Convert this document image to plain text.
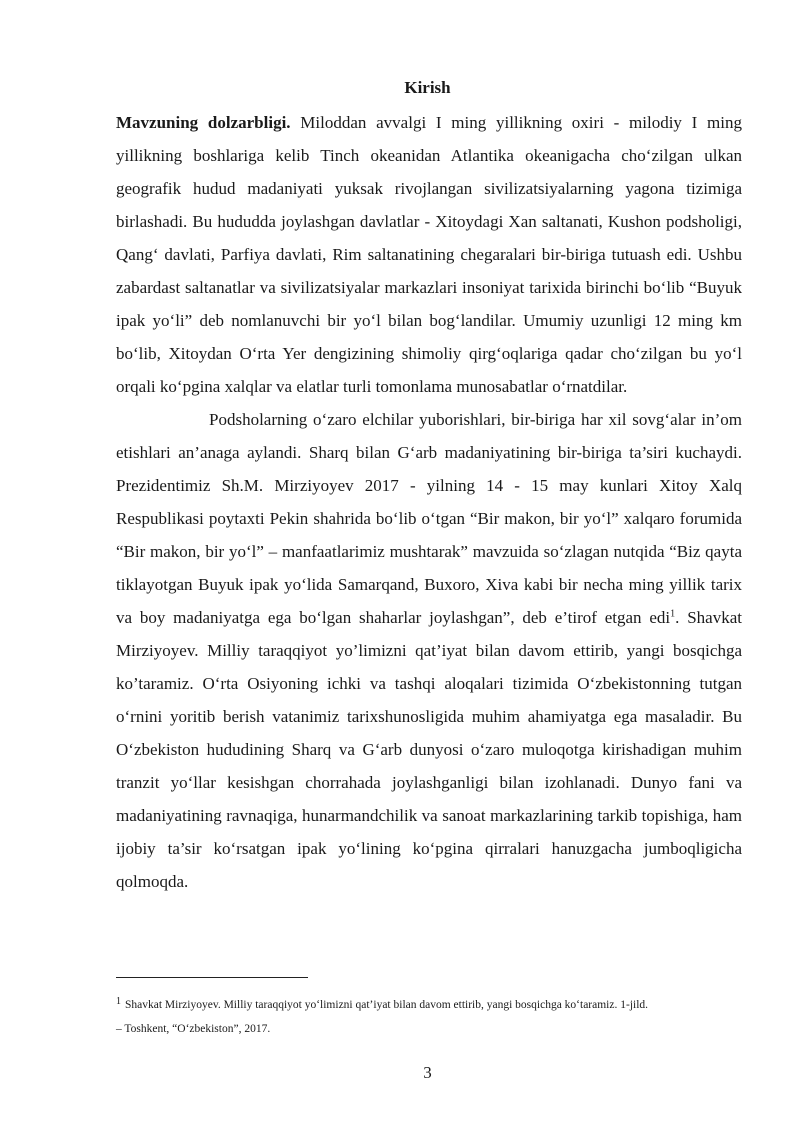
Kirish

Mavzuning dolzarbligi. Miloddan avvalgi I ming yillikning oxiri - milodiy I ming yillikning boshlariga kelib Tinch okeanidan Atlantika okeanigacha cho‘zilgan ulkan geografik hudud madaniyati yuksak rivojlangan sivilizatsiyalarning yagona tizimiga birlashadi. Bu hududda joylashgan davlatlar - Xitoydagi Xan saltanati, Kushon podsholigi, Qang‘ davlati, Parfiya davlati, Rim saltanatining chegaralari bir-biriga tutuash edi. Ushbu zabardast saltanatlar va sivilizatsiyalar markazlari insoniyat tarixida birinchi bo‘lib “Buyuk ipak yo‘li” deb nomlanuvchi bir yo‘l bilan bog‘landilar. Umumiy uzunligi 12 ming km bo‘lib, Xitoydan O‘rta Yer dengizining shimoliy qirg‘oqlariga qadar cho‘zilgan bu yo‘l orqali ko‘pgina xalqlar va elatlar turli tomonlama munosabatlar o‘rnatdilar.

Podsholarning o‘zaro elchilar yuborishlari, bir-biriga har xil sovg‘alar in’om etishlari an’anaga aylandi. Sharq bilan G‘arb madaniyatining bir-biriga ta’siri kuchaydi. Prezidentimiz Sh.M. Mirziyoyev 2017 - yilning 14 - 15 may kunlari Xitoy Xalq Respublikasi poytaxti Pekin shahrida bo‘lib o‘tgan “Bir makon, bir yo‘l” xalqaro forumida “Bir makon, bir yo‘l” – manfaatlarimiz mushtarak” mavzuida so‘zlagan nutqida “Biz qayta tiklayotgan Buyuk ipak yo‘lida Samarqand, Buxoro, Xiva kabi bir necha ming yillik tarix va boy madaniyatga ega bo‘lgan shaharlar joylashgan”, deb e’tirof etgan edi$^1$. Shavkat Mirziyoyev. Milliy taraqqiyot yo’limizni qat’iyat bilan davom ettirib, yangi bosqichga ko’taramiz. O‘rta Osiyoning ichki va tashqi aloqalari tizimida O‘zbekistonning tutgan o‘rnini yoritib berish vatanimiz tarixshunosligida muhim ahamiyatga ega masaladir. Bu O‘zbekiston hududining Sharq va G‘arb dunyosi o‘zaro muloqotga kirishadigan muhim tranzit yo‘llar kesishgan chorrahada joylashganligi bilan izohlanadi. Dunyo fani va madaniyatining ravnaqiga, hunarmandchilik va sanoat markazlarining tarkib topishiga, ham ijobiy ta’sir ko‘rsatgan ipak yo‘lining ko‘pgina qirralari hanuzgacha jumboqligicha qolmoqda.

1 Shavkat Mirziyoyev. Milliy taraqqiyot yo‘limizni qat’iyat bilan davom ettirib, yangi bosqichga ko‘taramiz. 1-jild.
– Toshkent, “O‘zbekiston”, 2017.
3
